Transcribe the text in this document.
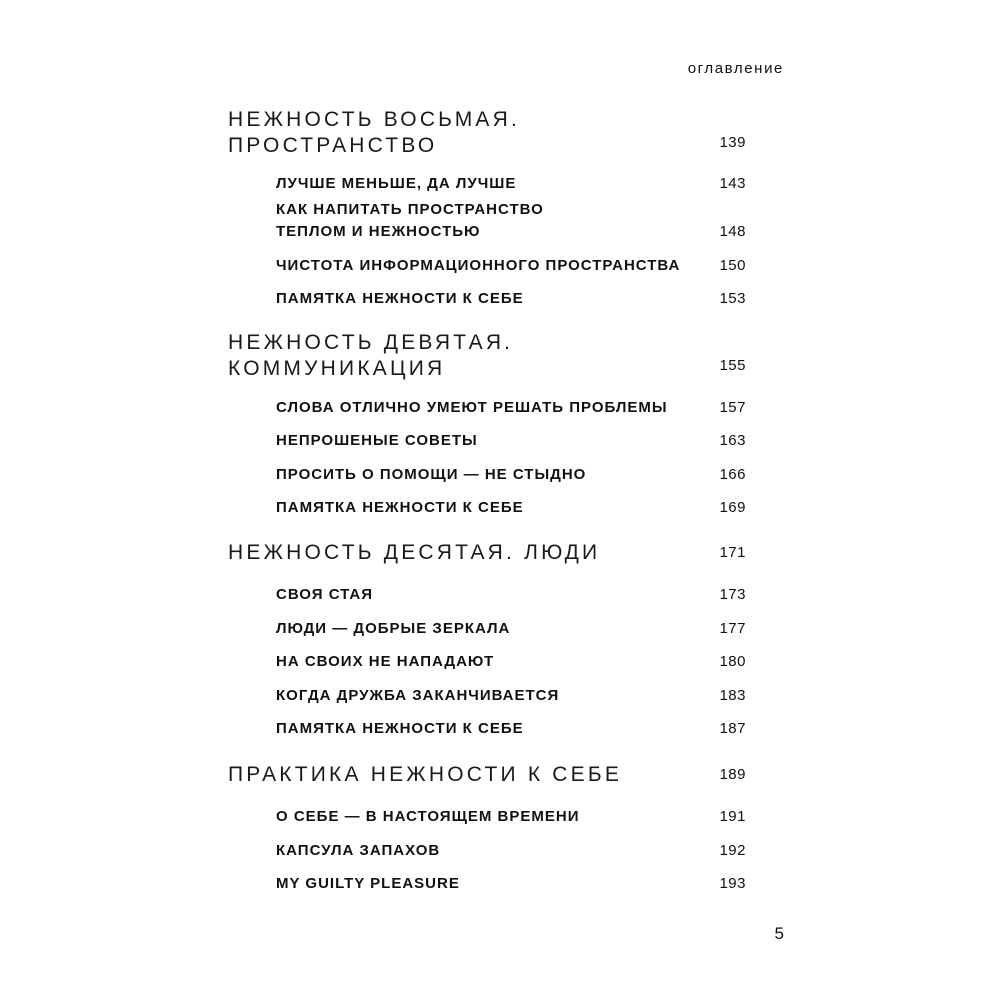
оглавление

НЕЖНОСТЬ ВОСЬМАЯ.
ПРОСТРАНСТВО	139
ЛУЧШЕ МЕНЬШЕ, ДА ЛУЧШЕ	143
КАК НАПИТАТЬ ПРОСТРАНСТВО
ТЕПЛОМ И НЕЖНОСТЬЮ	148
ЧИСТОТА ИНФОРМАЦИОННОГО ПРОСТРАНСТВА	150
ПАМЯТКА НЕЖНОСТИ К СЕБЕ	153

НЕЖНОСТЬ ДЕВЯТАЯ.
КОММУНИКАЦИЯ	155
СЛОВА ОТЛИЧНО УМЕЮТ РЕШАТЬ ПРОБЛЕМЫ	157
НЕПРОШЕНЫЕ СОВЕТЫ	163
ПРОСИТЬ О ПОМОЩИ — НЕ СТЫДНО	166
ПАМЯТКА НЕЖНОСТИ К СЕБЕ	169

НЕЖНОСТЬ ДЕСЯТАЯ. ЛЮДИ	171
СВОЯ СТАЯ	173
ЛЮДИ — ДОБРЫЕ ЗЕРКАЛА	177
НА СВОИХ НЕ НАПАДАЮТ	180
КОГДА ДРУЖБА ЗАКАНЧИВАЕТСЯ	183
ПАМЯТКА НЕЖНОСТИ К СЕБЕ	187

ПРАКТИКА НЕЖНОСТИ К СЕБЕ	189
О СЕБЕ — В НАСТОЯЩЕМ ВРЕМЕНИ	191
КАПСУЛА ЗАПАХОВ	192
MY GUILTY PLEASURE	193
5
